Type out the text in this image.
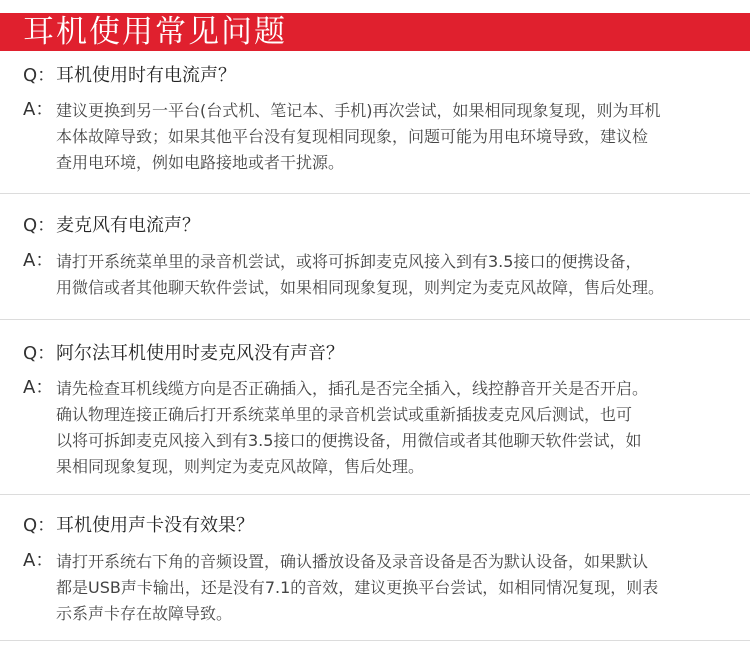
耳机使用常见问题
Q： 耳机使用时有电流声？
A： 建议更换到另一平台(台式机、笔记本、手机)再次尝试，如果相同现象复现，则为耳机
本体故障导致；如果其他平台没有复现相同现象，问题可能为用电环境导致，建议检
查用电环境，例如电路接地或者干扰源。
Q： 麦克风有电流声？
A： 请打开系统菜单里的录音机尝试，或将可拆卸麦克风接入到有3.5接口的便携设备，
用微信或者其他聊天软件尝试，如果相同现象复现，则判定为麦克风故障，售后处理。
Q： 阿尔法耳机使用时麦克风没有声音？
A： 请先检查耳机线缆方向是否正确插入，插孔是否完全插入，线控静音开关是否开启。
确认物理连接正确后打开系统菜单里的录音机尝试或重新插拔麦克风后测试，也可
以将可拆卸麦克风接入到有3.5接口的便携设备，用微信或者其他聊天软件尝试，如
果相同现象复现，则判定为麦克风故障，售后处理。
Q： 耳机使用声卡没有效果？
A： 请打开系统右下角的音频设置，确认播放设备及录音设备是否为默认设备，如果默认
都是USB声卡输出，还是没有7.1的音效，建议更换平台尝试，如相同情况复现，则表
示系声卡存在故障导致。
